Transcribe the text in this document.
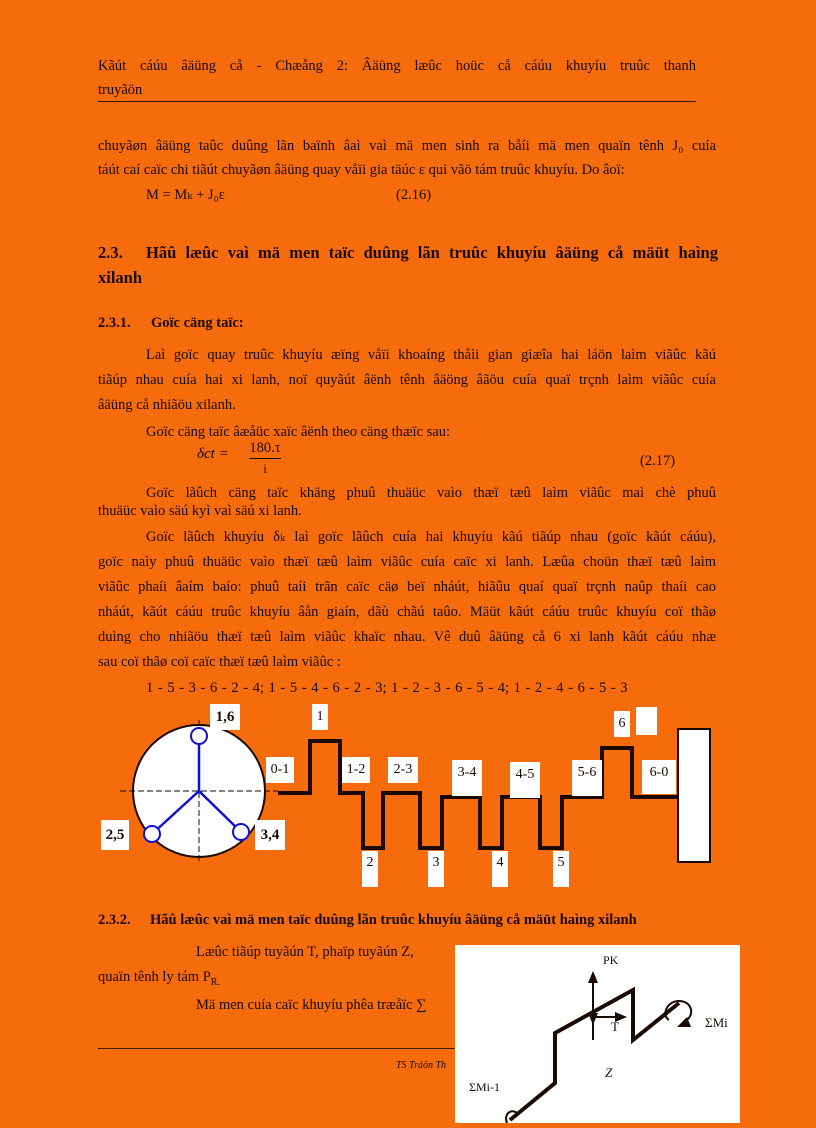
Kãút cáúu âäüng cå - Chæång 2: Âäüng læûc hoüc cå cáúu khuyíu truûc thanh
truyãön
chuyãøn âäüng taûc duûng lãn baïnh âaì vaì mä men sinh ra båíi mä men quaïn tênh J₀ cuía
táút caí caïc chi tiãút chuyãøn âäüng quay våïi gia täúc ε qui vãö tám truûc khuyíu. Do âoï:
M = Mₖ + J₀ε	(2.16)
2.3. Hãû læûc vaì mä men taïc duûng lãn truûc khuyíu âäüng cå mäüt haìng
xilanh
2.3.1. Goïc cäng taïc:
Laì goïc quay truûc khuyíu æïng våïi khoaíng thåìi gian giæîa hai láön laìm viãûc kãú
tiãúp nhau cuía hai xi lanh, noï quyãút âënh tênh âäöng âãöu cuía quaï trçnh laìm viãûc cuía
âäüng cå nhiãöu xilanh.
Goïc cäng taïc âæåüc xaïc âënh theo cäng thæïc sau:
δct = 180.τ
i	(2.17)
Goïc lãûch cäng taïc khäng phuû thuäüc vaìo thæï tæû laìm viãûc maì chè phuû
thuäüc vaìo säú kyì vaì säú xi lanh.
Goïc lãûch khuyíu δₖ laì goïc lãûch cuía hai khuyíu kãú tiãúp nhau (goïc kãút cáúu),
goïc naìy phuû thuäüc vaìo thæï tæû laìm viãûc cuía caïc xi lanh. Læûa choün thæï tæû laìm
viãûc phaíi âaím baío: phuû taíi trãn caïc cäø beï nháút, hiãûu quaí quaï trçnh naûp thaíi cao
nháút, kãút cáúu truûc khuyíu âån giaín, dãù chãú taûo. Mäüt kãút cáúu truûc khuyíu coï thãø
duìng cho nhiãöu thæï tæû laìm viãûc khaïc nhau. Vê duû âäüng cå 6 xi lanh kãút cáúu nhæ
sau coï thãø coï caïc thæï tæû laìm viãûc :
1 - 5 - 3 - 6 - 2 - 4; 1 - 5 - 4 - 6 - 2 - 3; 1 - 2 - 3 - 6 - 5 - 4; 1 - 2 - 4 - 6 - 5 - 3
1,6
2,5	3,4
1	6
0-1	1-2	2-3	3-4	4-5	5-6	6-0
2	3	4	5
2.3.2. Hãû læûc vaì mä men taïc duûng lãn truûc khuyíu âäüng cå mäüt haìng xilanh
Læûc tiãúp tuyãún T, phaïp tuyãún Z,
quaïn tênh ly tám $P_{R.}$
Mä men cuía caïc khuyíu phêa træåïc ∑
TS Tráön Th
PK
T	ΣMi
Z
ΣMi-1
